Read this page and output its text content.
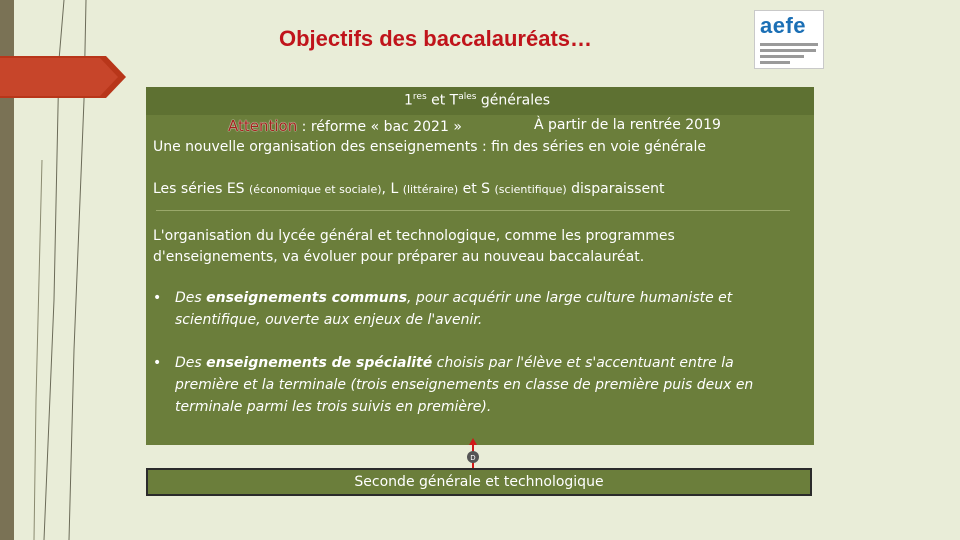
Objectifs des baccalauréats…
aefe
1res et $T^{ales}$ générales
Attention : réforme « bac 2021 »	À partir de la rentrée 2019
Une nouvelle organisation des enseignements : fin des séries en voie générale
Les séries ES (économique et sociale), L (littéraire) et S (scientifique) disparaissent
L'organisation du lycée général et technologique, comme les programmes d'enseignements, va évoluer pour préparer au nouveau baccalauréat.
• Des enseignements communs, pour acquérir une large culture humaniste et scientifique, ouverte aux enjeux de l'avenir.
• Des enseignements de spécialité choisis par l'élève et s'accentuant entre la première et la terminale (trois enseignements en classe de première puis deux en terminale parmi les trois suivis en première).
D
Seconde générale et technologique
